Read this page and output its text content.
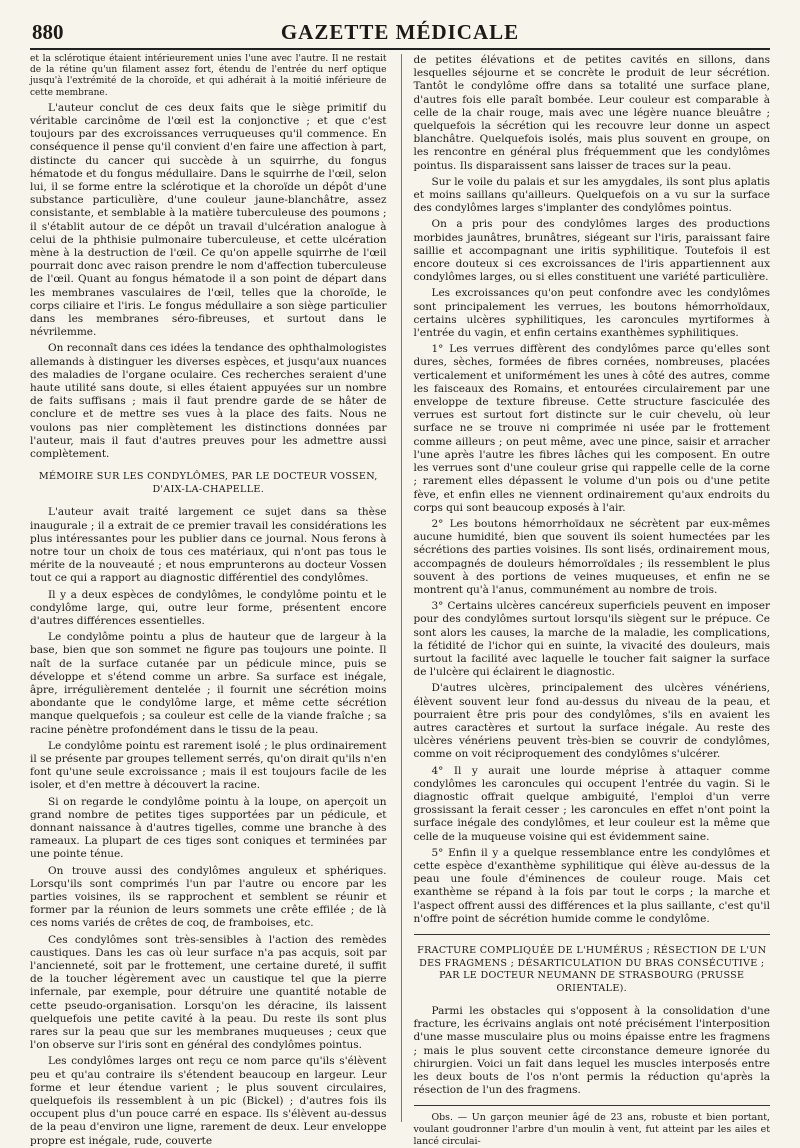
880	GAZETTE MÉDICALE

et la sclérotique étaient intérieurement unies l'une avec l'autre. Il ne restait de la rétine qu'un filament assez fort, étendu de l'entrée du nerf optique jusqu'à l'extrémité de la choroïde, et qui adhérait à la moitié inférieure de cette membrane.

L'auteur conclut de ces deux faits que le siège primitif du véritable carcinôme de l'œil est la conjonctive ; et que c'est toujours par des excroissances verruqueuses qu'il commence. En conséquence il pense qu'il convient d'en faire une affection à part, distincte du cancer qui succède à un squirrhe, du fongus hématode et du fongus médullaire. Dans le squirrhe de l'œil, selon lui, il se forme entre la sclérotique et la choroïde un dépôt d'une substance particulière, d'une couleur jaune-blanchâtre, assez consistante, et semblable à la matière tuberculeuse des poumons ; il s'établit autour de ce dépôt un travail d'ulcération analogue à celui de la phthisie pulmonaire tuberculeuse, et cette ulcération mène à la destruction de l'œil. Ce qu'on appelle squirrhe de l'œil pourrait donc avec raison prendre le nom d'affection tuberculeuse de l'œil. Quant au fongus hématode il a son point de départ dans les membranes vasculaires de l'œil, telles que la choroïde, le corps ciliaire et l'iris. Le fongus médullaire a son siège particulier dans les membranes séro-fibreuses, et surtout dans le névrilemme.

On reconnaît dans ces idées la tendance des ophthalmologistes allemands à distinguer les diverses espèces, et jusqu'aux nuances des maladies de l'organe oculaire. Ces recherches seraient d'une haute utilité sans doute, si elles étaient appuyées sur un nombre de faits suffisans ; mais il faut prendre garde de se hâter de conclure et de mettre ses vues à la place des faits. Nous ne voulons pas nier complètement les distinctions données par l'auteur, mais il faut d'autres preuves pour les admettre aussi complètement.

MÉMOIRE SUR LES CONDYLÔMES, PAR LE DOCTEUR VOSSEN, D'AIX-LA-CHAPELLE.

L'auteur avait traité largement ce sujet dans sa thèse inaugurale ; il a extrait de ce premier travail les considérations les plus intéressantes pour les publier dans ce journal. Nous ferons à notre tour un choix de tous ces matériaux, qui n'ont pas tous le mérite de la nouveauté ; et nous emprunterons au docteur Vossen tout ce qui a rapport au diagnostic différentiel des condylômes.

Il y a deux espèces de condylômes, le condylôme pointu et le condylôme large, qui, outre leur forme, présentent encore d'autres différences essentielles.

Le condylôme pointu a plus de hauteur que de largeur à la base, bien que son sommet ne figure pas toujours une pointe. Il naît de la surface cutanée par un pédicule mince, puis se développe et s'étend comme un arbre. Sa surface est inégale, âpre, irrégulièrement dentelée ; il fournit une sécrétion moins abondante que le condylôme large, et même cette sécrétion manque quelquefois ; sa couleur est celle de la viande fraîche ; sa racine pénètre profondément dans le tissu de la peau.

Le condylôme pointu est rarement isolé ; le plus ordinairement il se présente par groupes tellement serrés, qu'on dirait qu'ils n'en font qu'une seule excroissance ; mais il est toujours facile de les isoler, et d'en mettre à découvert la racine.

Si on regarde le condylôme pointu à la loupe, on aperçoit un grand nombre de petites tiges supportées par un pédicule, et donnant naissance à d'autres tigelles, comme une branche à des rameaux. La plupart de ces tiges sont coniques et terminées par une pointe ténue.

On trouve aussi des condylômes anguleux et sphériques. Lorsqu'ils sont comprimés l'un par l'autre ou encore par les parties voisines, ils se rapprochent et semblent se réunir et former par la réunion de leurs sommets une crête effilée ; de là ces noms variés de crêtes de coq, de framboises, etc.

Ces condylômes sont très-sensibles à l'action des remèdes caustiques. Dans les cas où leur surface n'a pas acquis, soit par l'ancienneté, soit par le frottement, une certaine dureté, il suffit de la toucher légèrement avec un caustique tel que la pierre infernale, par exemple, pour détruire une quantité notable de cette pseudo-organisation. Lorsqu'on les déracine, ils laissent quelquefois une petite cavité à la peau. Du reste ils sont plus rares sur la peau que sur les membranes muqueuses ; ceux que l'on observe sur l'iris sont en général des condylômes pointus.

Les condylômes larges ont reçu ce nom parce qu'ils s'élèvent peu et qu'au contraire ils s'étendent beaucoup en largeur. Leur forme et leur étendue varient ; le plus souvent circulaires, quelquefois ils ressemblent à un pic (Bickel) ; d'autres fois ils occupent plus d'un pouce carré en espace. Ils s'élèvent au-dessus de la peau d'environ une ligne, rarement de deux. Leur enveloppe propre est inégale, rude, couverte

de petites élévations et de petites cavités en sillons, dans lesquelles séjourne et se concrète le produit de leur sécrétion. Tantôt le condylôme offre dans sa totalité une surface plane, d'autres fois elle paraît bombée. Leur couleur est comparable à celle de la chair rouge, mais avec une légère nuance bleuâtre ; quelquefois la sécrétion qui les recouvre leur donne un aspect blanchâtre. Quelquefois isolés, mais plus souvent en groupe, on les rencontre en général plus fréquemment que les condylômes pointus. Ils disparaissent sans laisser de traces sur la peau.

Sur le voile du palais et sur les amygdales, ils sont plus aplatis et moins saillans qu'ailleurs. Quelquefois on a vu sur la surface des condylômes larges s'implanter des condylômes pointus.

On a pris pour des condylômes larges des productions morbides jaunâtres, brunâtres, siégeant sur l'iris, paraissant faire saillie et accompagnant une iritis syphilitique. Toutefois il est encore douteux si ces excroissances de l'iris appartiennent aux condylômes larges, ou si elles constituent une variété particulière.

Les excroissances qu'on peut confondre avec les condylômes sont principalement les verrues, les boutons hémorrhoïdaux, certains ulcères syphilitiques, les caroncules myrtiformes à l'entrée du vagin, et enfin certains exanthèmes syphilitiques.

1° Les verrues diffèrent des condylômes parce qu'elles sont dures, sèches, formées de fibres cornées, nombreuses, placées verticalement et uniformément les unes à côté des autres, comme les faisceaux des Romains, et entourées circulairement par une enveloppe de texture fibreuse. Cette structure fasciculée des verrues est surtout fort distincte sur le cuir chevelu, où leur surface ne se trouve ni comprimée ni usée par le frottement comme ailleurs ; on peut même, avec une pince, saisir et arracher l'une après l'autre les fibres lâches qui les composent. En outre les verrues sont d'une couleur grise qui rappelle celle de la corne ; rarement elles dépassent le volume d'un pois ou d'une petite fève, et enfin elles ne viennent ordinairement qu'aux endroits du corps qui sont beaucoup exposés à l'air.

2° Les boutons hémorrhoïdaux ne sécrètent par eux-mêmes aucune humidité, bien que souvent ils soient humectées par les sécrétions des parties voisines. Ils sont lisés, ordinairement mous, accompagnés de douleurs hémorroïdales ; ils ressemblent le plus souvent à des portions de veines muqueuses, et enfin ne se montrent qu'à l'anus, communément au nombre de trois.

3° Certains ulcères cancéreux superficiels peuvent en imposer pour des condylômes surtout lorsqu'ils siègent sur le prépuce. Ce sont alors les causes, la marche de la maladie, les complications, la fétidité de l'ichor qui en suinte, la vivacité des douleurs, mais surtout la facilité avec laquelle le toucher fait saigner la surface de l'ulcère qui éclairent le diagnostic.

D'autres ulcères, principalement des ulcères vénériens, élèvent souvent leur fond au-dessus du niveau de la peau, et pourraient être pris pour des condylômes, s'ils en avaient les autres caractères et surtout la surface inégale. Au reste des ulcères vénériens peuvent très-bien se couvrir de condylômes, comme on voit réciproquement des condylômes s'ulcérer.

4° Il y aurait une lourde méprise à attaquer comme condylômes les caroncules qui occupent l'entrée du vagin. Si le diagnostic offrait quelque ambiguité, l'emploi d'un verre grossissant la ferait cesser ; les caroncules en effet n'ont point la surface inégale des condylômes, et leur couleur est la même que celle de la muqueuse voisine qui est évidemment saine.

5° Enfin il y a quelque ressemblance entre les condylômes et cette espèce d'exanthème syphilitique qui élève au-dessus de la peau une foule d'éminences de couleur rouge. Mais cet exanthème se répand à la fois par tout le corps ; la marche et l'aspect offrent aussi des différences et la plus saillante, c'est qu'il n'offre point de sécrétion humide comme le condylôme.

FRACTURE COMPLIQUÉE DE L'HUMÉRUS ; RÉSECTION DE L'UN DES FRAGMENS ; DÉSARTICULATION DU BRAS CONSÉCUTIVE ; PAR LE DOCTEUR NEUMANN DE STRASBOURG (PRUSSE ORIENTALE).

Parmi les obstacles qui s'opposent à la consolidation d'une fracture, les écrivains anglais ont noté précisément l'interposition d'une masse musculaire plus ou moins épaisse entre les fragmens ; mais le plus souvent cette circonstance demeure ignorée du chirurgien. Voici un fait dans lequel les muscles interposés entre les deux bouts de l'os n'ont permis la réduction qu'après la résection de l'un des fragmens.

Obs. — Un garçon meunier âgé de 23 ans, robuste et bien portant, voulant goudronner l'arbre d'un moulin à vent, fut atteint par les ailes et lancé circulai-
